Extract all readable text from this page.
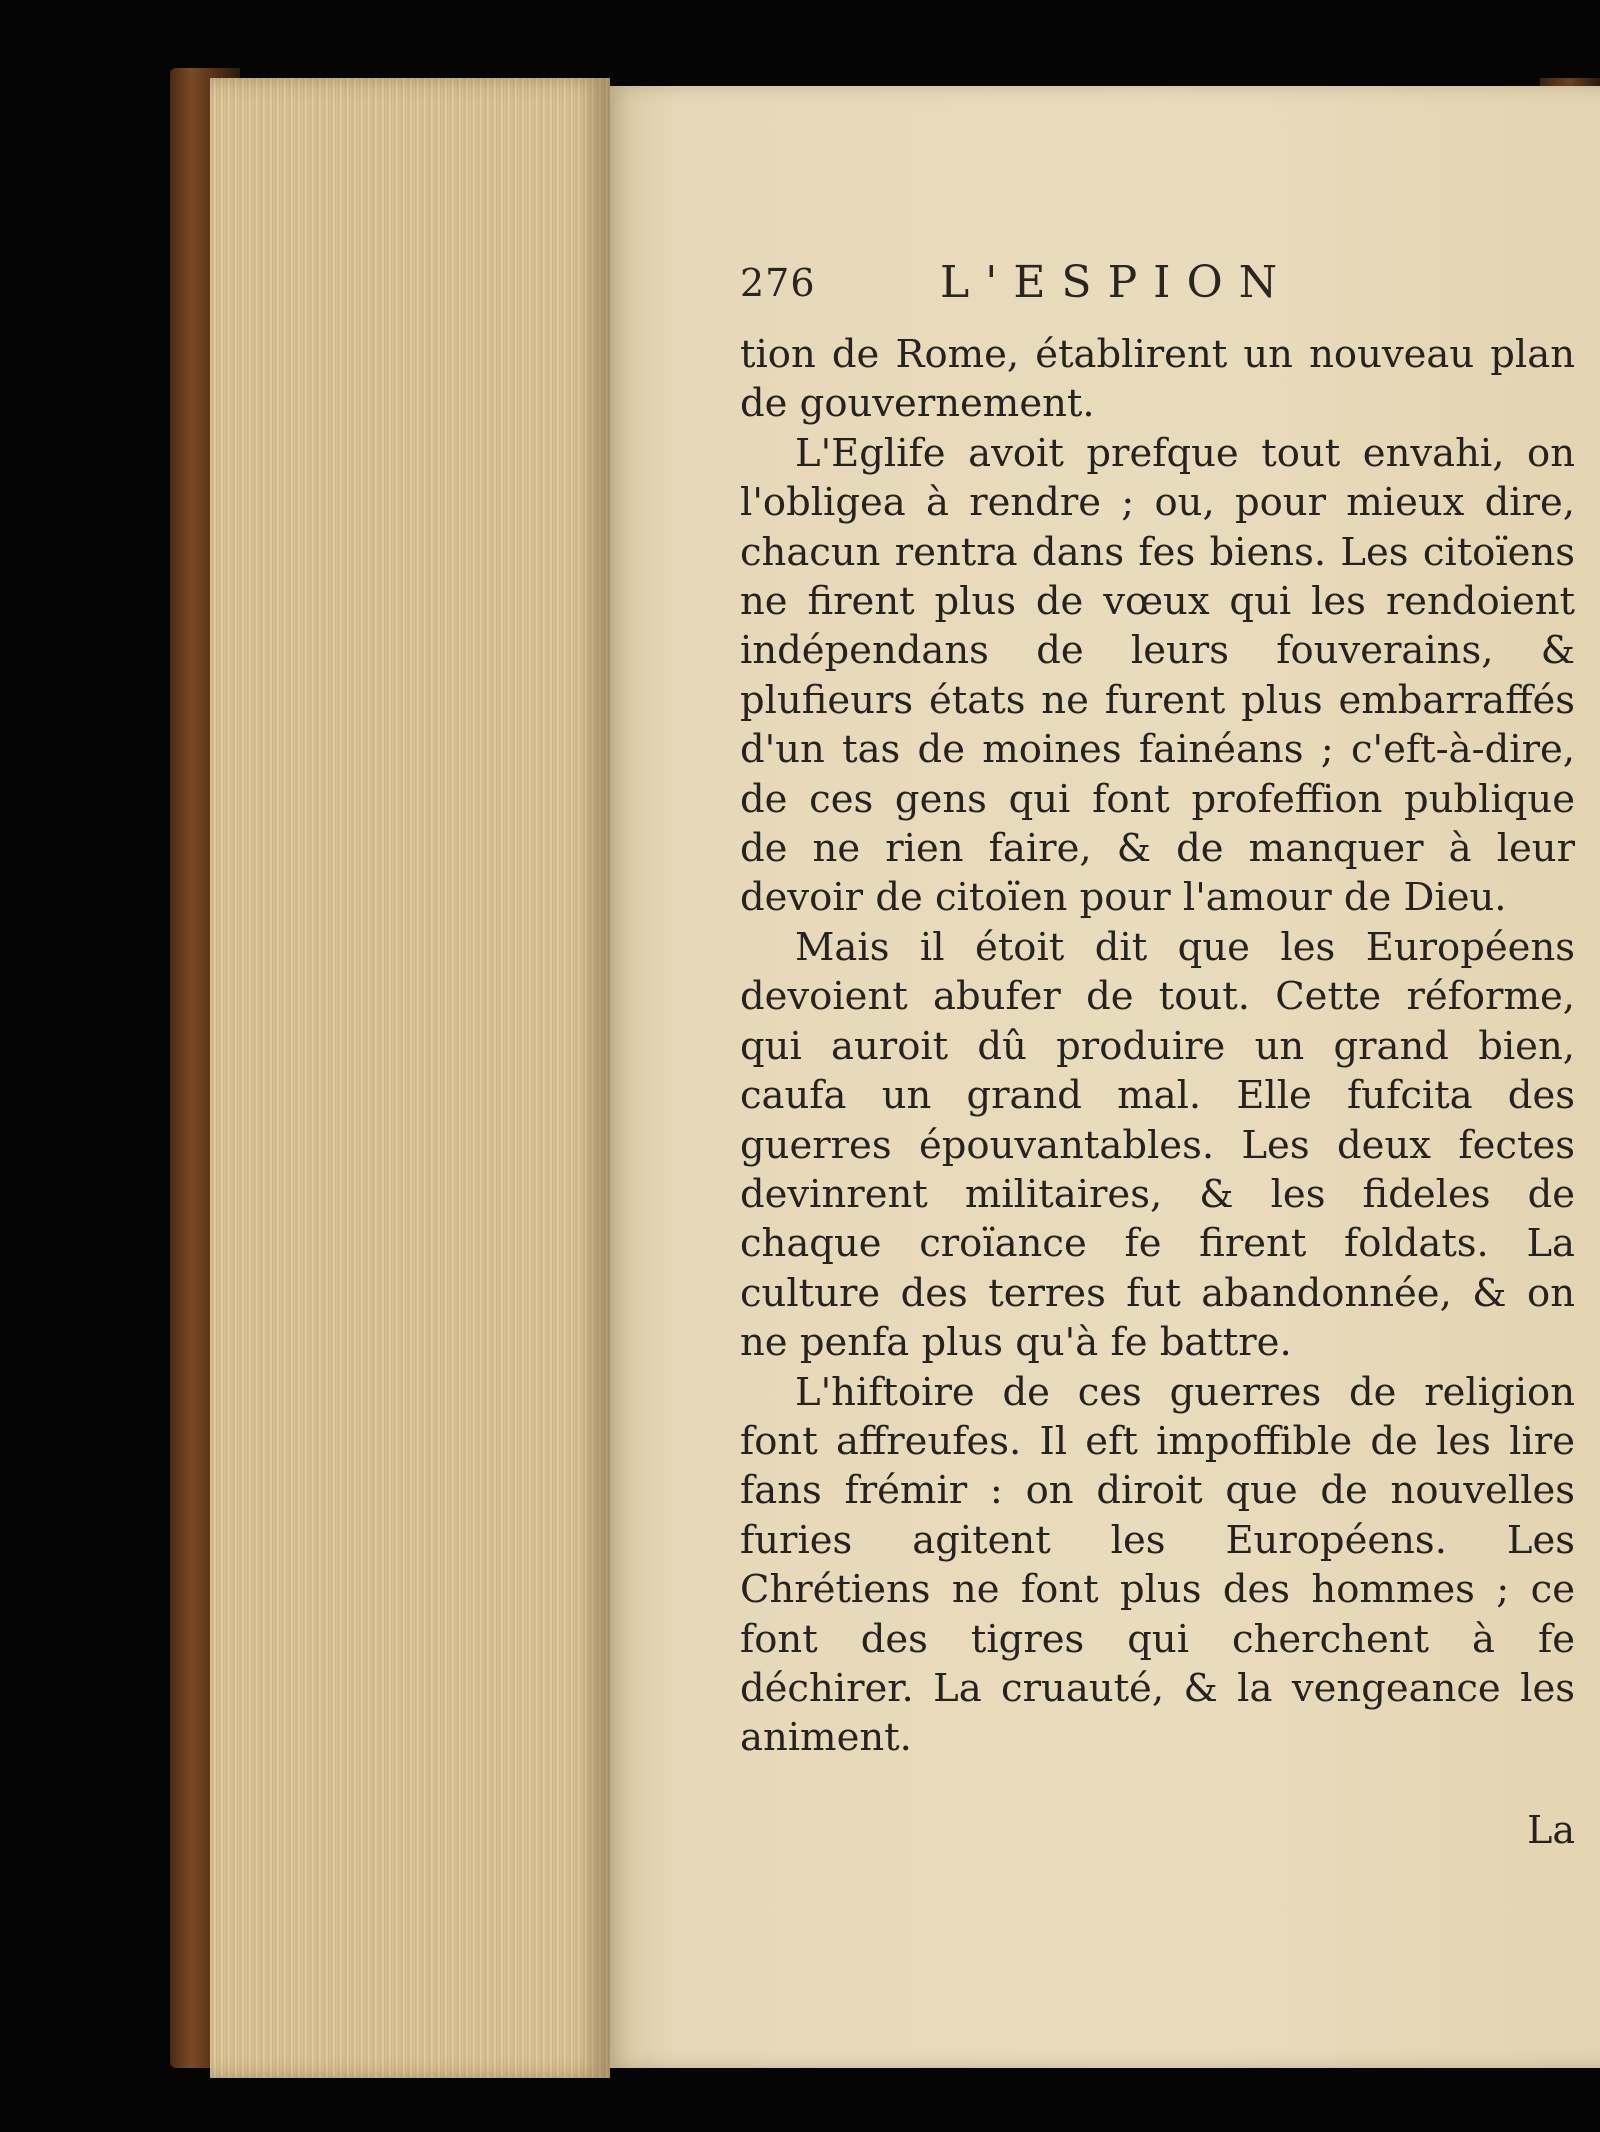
276	L'ESPION

tion de Rome, établirent un nouveau plan de gouvernement.

L'Eglife avoit prefque tout envahi, on l'obligea à rendre ; ou, pour mieux dire, chacun rentra dans fes biens. Les citoïens ne firent plus de vœux qui les rendoient indépendans de leurs fouverains, & plufieurs états ne furent plus embarraffés d'un tas de moines fainéans ; c'eft-à-dire, de ces gens qui font profeffion publique de ne rien faire, & de manquer à leur devoir de citoïen pour l'amour de Dieu.

Mais il étoit dit que les Européens devoient abufer de tout. Cette réforme, qui auroit dû produire un grand bien, caufa un grand mal. Elle fufcita des guerres épouvantables. Les deux fectes devinrent militaires, & les fideles de chaque croïance fe firent foldats. La culture des terres fut abandonnée, & on ne penfa plus qu'à fe battre.

L'hiftoire de ces guerres de religion font affreufes. Il eft impoffible de les lire fans frémir : on diroit que de nouvelles furies agitent les Européens. Les Chrétiens ne font plus des hommes ; ce font des tigres qui cherchent à fe déchirer. La cruauté, & la vengeance les animent.

La
